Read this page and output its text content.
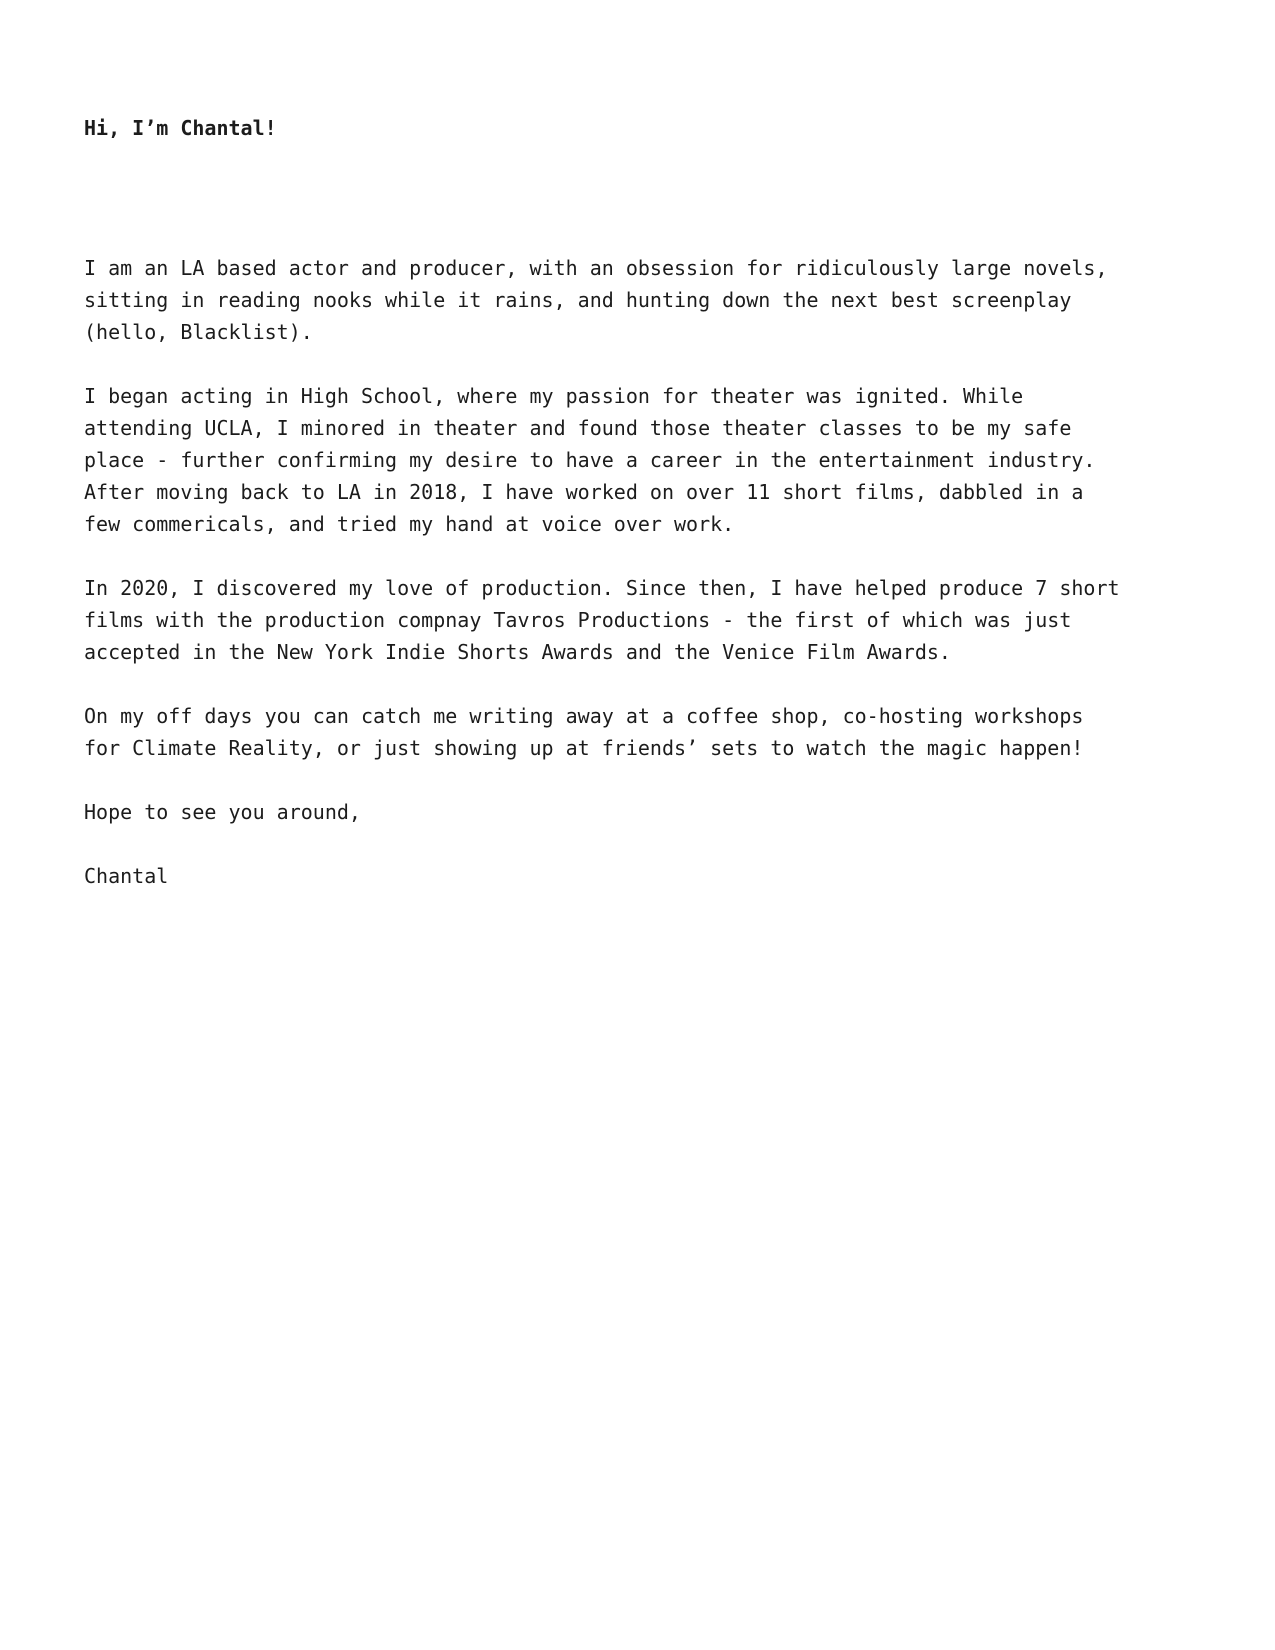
Hi, I’m Chantal!

I am an LA based actor and producer, with an obsession for ridiculously large novels, sitting in reading nooks while it rains, and hunting down the next best screenplay (hello, Blacklist).

I began acting in High School, where my passion for theater was ignited. While attending UCLA, I minored in theater and found those theater classes to be my safe place - further confirming my desire to have a career in the entertainment industry. After moving back to LA in 2018, I have worked on over 11 short films, dabbled in a few commericals, and tried my hand at voice over work.

In 2020, I discovered my love of production. Since then, I have helped produce 7 short films with the production compnay Tavros Productions - the first of which was just accepted in the New York Indie Shorts Awards and the Venice Film Awards.

On my off days you can catch me writing away at a coffee shop, co-hosting workshops for Climate Reality, or just showing up at friends’ sets to watch the magic happen!

Hope to see you around,

Chantal
